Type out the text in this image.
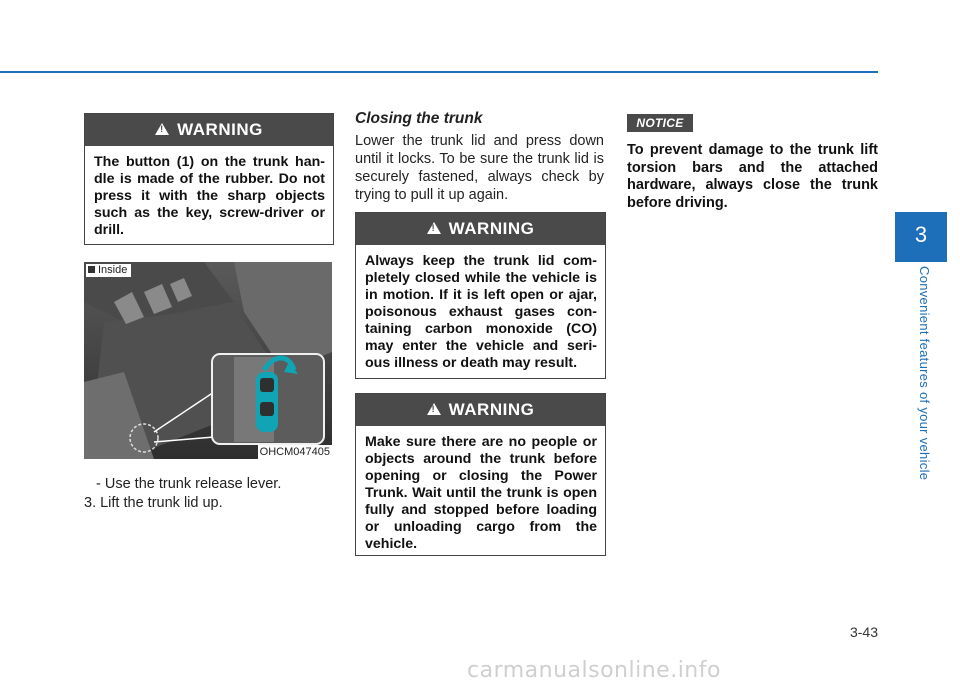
!
WARNING
The button (1) on the trunk han-dle is made of the rubber. Do not press it with the sharp objects such as the key, screw-driver or drill.
Inside
OHCM047405
- Use the trunk release lever.
3. Lift the trunk lid up.
Closing the trunk
Lower the trunk lid and press down until it locks. To be sure the trunk lid is securely fastened, always check by trying to pull it up again.
!
WARNING
Always keep the trunk lid com-pletely closed while the vehicle is in motion. If it is left open or ajar, poisonous exhaust gases con-taining carbon monoxide (CO) may enter the vehicle and seri-ous illness or death may result.
!
WARNING
Make sure there are no people or objects around the trunk before opening or closing the Power Trunk. Wait until the trunk is open fully and stopped before loading or unloading cargo from the vehicle.
NOTICE
To prevent damage to the trunk lift torsion bars and the attached hardware, always close the trunk before driving.
3
Convenient features of your vehicle
3-43
carmanualsonline.info
